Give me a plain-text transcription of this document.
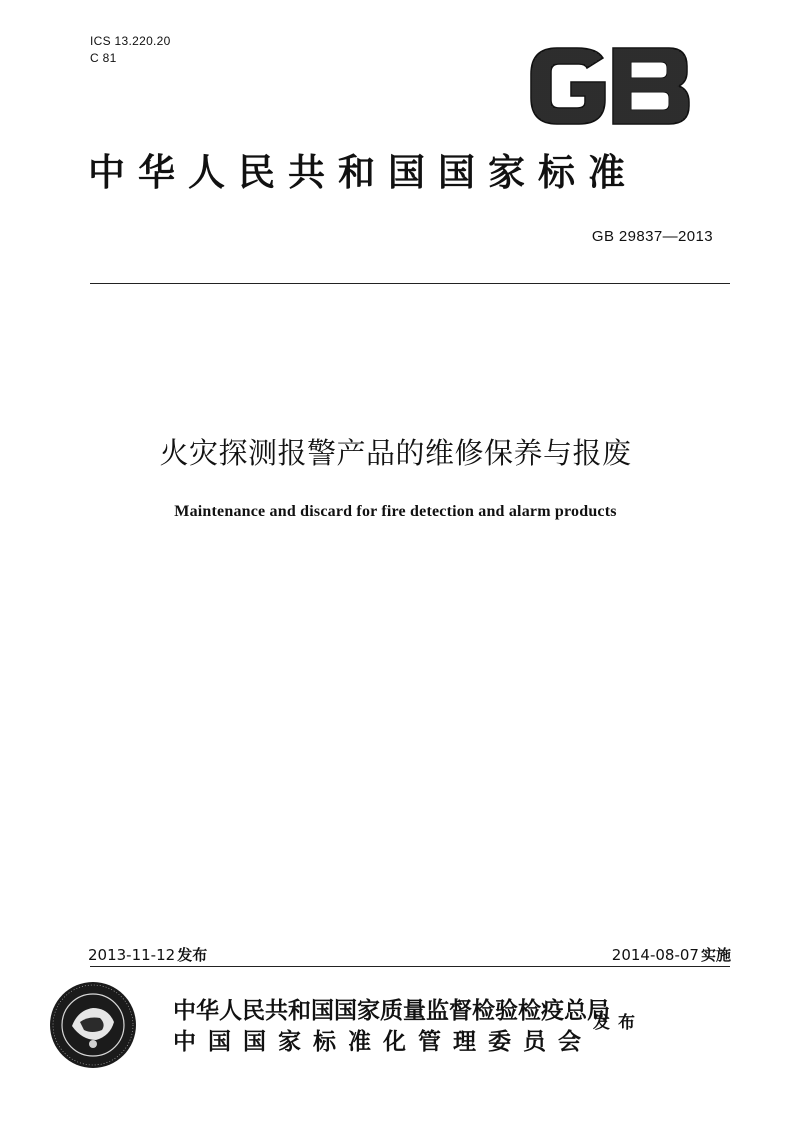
ICS 13.220.20
C 81
中华人民共和国国家标准
GB 29837—2013
火灾探测报警产品的维修保养与报废
Maintenance and discard for fire detection and alarm products
2013-11-12 发布	2014-08-07 实施
中华人民共和国国家质量监督检验检疫总局
中国国家标准化管理委员会
发布
